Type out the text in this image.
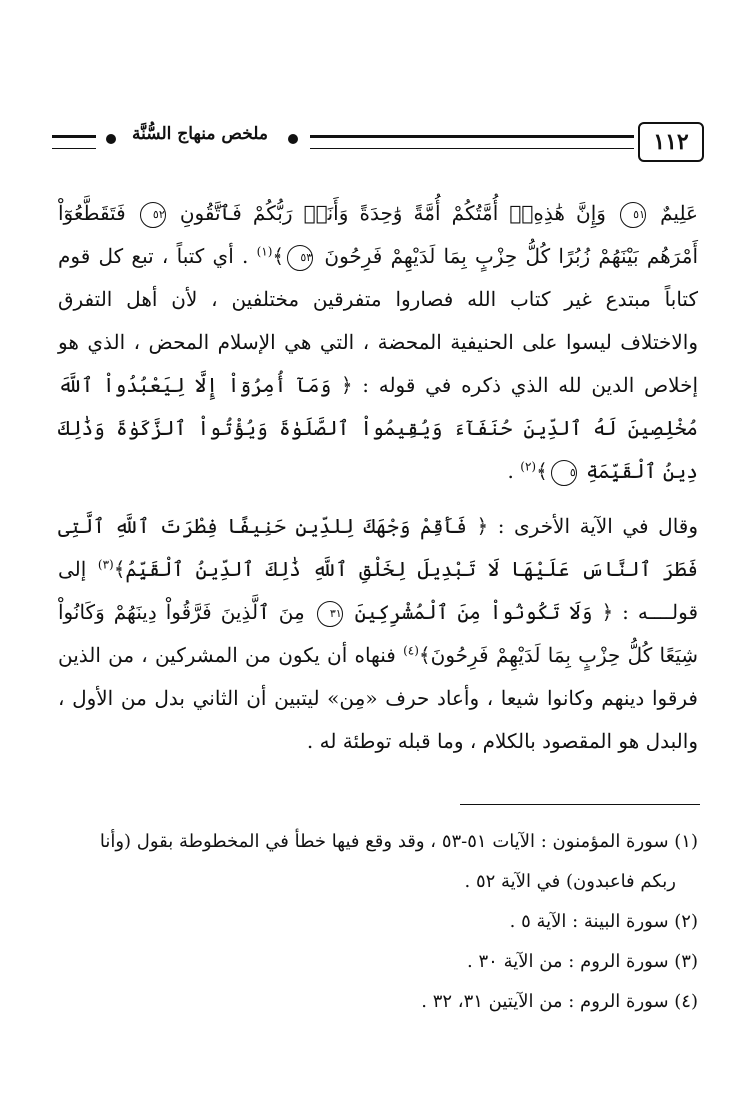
ملخص منهاج السُّنَّة	١١٢

عَلِيمٌ ٥١ وَإِنَّ هَٰذِهِۦٓ أُمَّتُكُمْ أُمَّةً وَٰحِدَةً وَأَنَا۠ رَبُّكُمْ فَٱتَّقُونِ ٥٢ فَتَقَطَّعُوٓاْ أَمْرَهُم بَيْنَهُمْ زُبُرًا كُلُّ حِزْبٍ بِمَا لَدَيْهِمْ فَرِحُونَ ٥٣﴾$^{(١)}$ . أي كتباً ، تبع كل قوم كتاباً مبتدع غير كتاب الله فصاروا متفرقين مختلفين ، لأن أهل التفرق والاختلاف ليسوا على الحنيفية المحضة ، التي هي الإسلام المحض ، الذي هو إخلاص الدين لله الذي ذكره في قوله : ﴿ وَمَآ أُمِرُوٓاْ إِلَّا لِيَعْبُدُواْ ٱللَّهَ مُخْلِصِينَ لَهُ ٱلدِّينَ حُنَفَآءَ وَيُقِيمُواْ ٱلصَّلَوٰةَ وَيُؤْتُواْ ٱلزَّكَوٰةَ وَذَٰلِكَ دِينُ ٱلْقَيِّمَةِ ٥﴾$^{(٢)}$ .

وقال في الآية الأخرى : ﴿ فَأَقِمْ وَجْهَكَ لِلدِّينِ حَنِيفًا فِطْرَتَ ٱللَّهِ ٱلَّتِى فَطَرَ ٱلنَّاسَ عَلَيْهَا لَا تَبْدِيلَ لِخَلْقِ ٱللَّهِ ذَٰلِكَ ٱلدِّينُ ٱلْقَيِّمُ﴾$^{(٣)}$ إلى قولــــه : ﴿ وَلَا تَكُونُواْ مِنَ ٱلْمُشْرِكِينَ ٣١ مِنَ ٱلَّذِينَ فَرَّقُواْ دِينَهُمْ وَكَانُواْ شِيَعًا كُلُّ حِزْبٍ بِمَا لَدَيْهِمْ فَرِحُونَ﴾$^{(٤)}$ فنهاه أن يكون من المشركين ، من الذين فرقوا دينهم وكانوا شيعا ، وأعاد حرف «مِن» ليتبين أن الثاني بدل من الأول ، والبدل هو المقصود بالكلام ، وما قبله توطئة له .

(١) سورة المؤمنون : الآيات ٥١-٥٣ ، وقد وقع فيها خطأ في المخطوطة بقول (وأنا

ربكم فاعبدون) في الآية ٥٢ .

(٢) سورة البينة : الآية ٥ .

(٣) سورة الروم : من الآية ٣٠ .

(٤) سورة الروم : من الآيتين ٣١، ٣٢ .
